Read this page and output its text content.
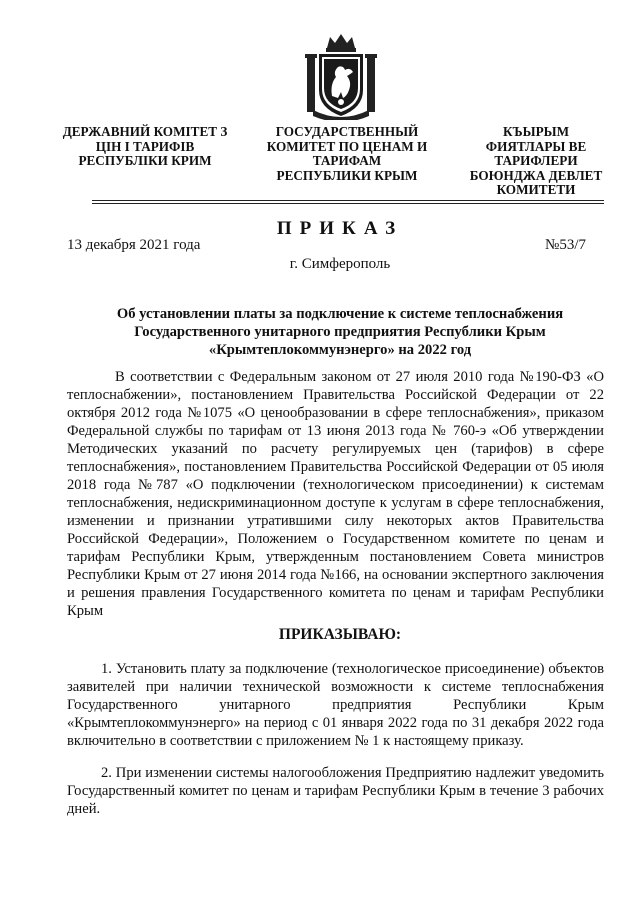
ДЕРЖАВНИЙ КОМІТЕТ З
ЦІН І ТАРИФІВ
РЕСПУБЛІКИ КРИМ
ГОСУДАРСТВЕННЫЙ
КОМИТЕТ ПО ЦЕНАМ И
ТАРИФАМ
РЕСПУБЛИКИ КРЫМ
КЪЫРЫМ
ФИЯТЛАРЫ ВЕ ТАРИФЛЕРИ
БОЮНДЖА ДЕВЛЕТ
КОМИТЕТИ
ПРИКАЗ
13 декабря 2021 года	№53/7
г. Симферополь
Об установлении платы за подключение к системе теплоснабжения Государственного унитарного предприятия Республики Крым «Крымтеплокоммунэнерго» на 2022 год
В соответствии с Федеральным законом от 27 июля 2010 года №190-ФЗ «О теплоснабжении», постановлением Правительства Российской Федерации от 22 октября 2012 года №1075 «О ценообразовании в сфере теплоснабжения», приказом Федеральной службы по тарифам от 13 июня 2013 года № 760-э «Об утверждении Методических указаний по расчету регулируемых цен (тарифов) в сфере теплоснабжения», постановлением Правительства Российской Федерации от 05 июля 2018 года №787 «О подключении (технологическом присоединении) к системам теплоснабжения, недискриминационном доступе к услугам в сфере теплоснабжения, изменении и признании утратившими силу некоторых актов Правительства Российской Федерации», Положением о Государственном комитете по ценам и тарифам Республики Крым, утвержденным постановлением Совета министров Республики Крым от 27 июня 2014 года №166, на основании экспертного заключения и решения правления Государственного комитета по ценам и тарифам Республики Крым
ПРИКАЗЫВАЮ:
1. Установить плату за подключение (технологическое присоединение) объектов заявителей при наличии технической возможности к системе теплоснабжения Государственного унитарного предприятия Республики Крым «Крымтеплокоммунэнерго» на период с 01 января 2022 года по 31 декабря 2022 года включительно в соответствии с приложением № 1 к настоящему приказу.
2. При изменении системы налогообложения Предприятию надлежит уведомить Государственный комитет по ценам и тарифам Республики Крым в течение 3 рабочих дней.
